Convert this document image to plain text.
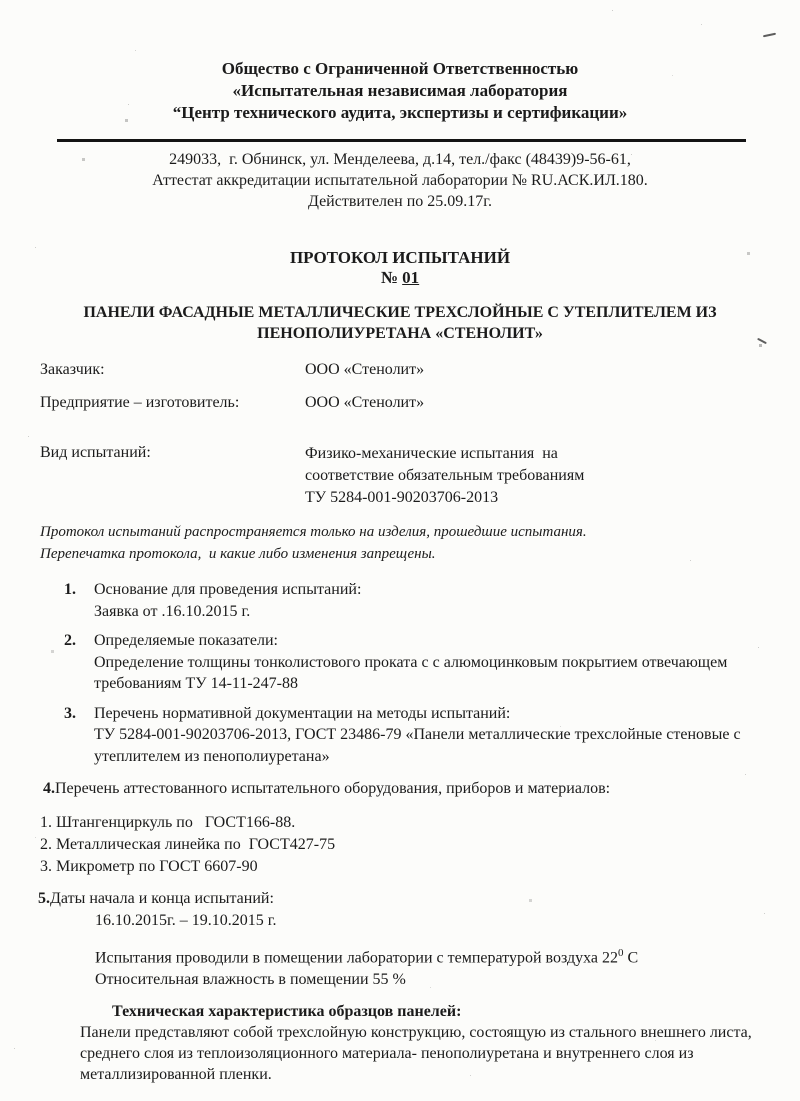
Общество с Ограниченной Ответственностью
«Испытательная независимая лаборатория
“Центр технического аудита, экспертизы и сертификации»
249033,  г. Обнинск, ул. Менделеева, д.14, тел./факс (48439)9-56-61,
Аттестат аккредитации испытательной лаборатории № RU.АСК.ИЛ.180.
Действителен по 25.09.17г.
ПРОТОКОЛ ИСПЫТАНИЙ
№ 01
ПАНЕЛИ ФАСАДНЫЕ МЕТАЛЛИЧЕСКИЕ ТРЕХСЛОЙНЫЕ С УТЕПЛИТЕЛЕМ ИЗ
ПЕНОПОЛИУРЕТАНА «СТЕНОЛИТ»
Заказчик:	ООО «Стенолит»
Предприятие – изготовитель:	ООО «Стенолит»
Вид испытаний:	Физико-механические испытания  на
соответствие обязательным требованиям
ТУ 5284-001-90203706-2013
Протокол испытаний распространяется только на изделия, прошедшие испытания.
Перепечатка протокола,  и какие либо изменения запрещены.
1.	Основание для проведения испытаний:
Заявка от .16.10.2015 г.
2.	Определяемые показатели:
Определение толщины тонколистового проката с с алюмоцинковым покрытием отвечающем требованиям ТУ 14-11-247-88
3.	Перечень нормативной документации на методы испытаний:
ТУ 5284-001-90203706-2013, ГОСТ 23486-79 «Панели металлические трехслойные стеновые с утеплителем из пенополиуретана»
4.Перечень аттестованного испытательного оборудования, приборов и материалов:
1. Штангенциркуль по   ГОСТ166-88.
2. Металлическая линейка по  ГОСТ427-75
3. Микрометр по ГОСТ 6607-90
5.Даты начала и конца испытаний:
16.10.2015г. – 19.10.2015 г.
Испытания проводили в помещении лаборатории с температурой воздуха $22^0$ С
Относительная влажность в помещении 55 %
Техническая характеристика образцов панелей:
Панели представляют собой трехслойную конструкцию, состоящую из стального внешнего листа, среднего слоя из теплоизоляционного материала- пенополиуретана и внутреннего слоя из металлизированной пленки.
